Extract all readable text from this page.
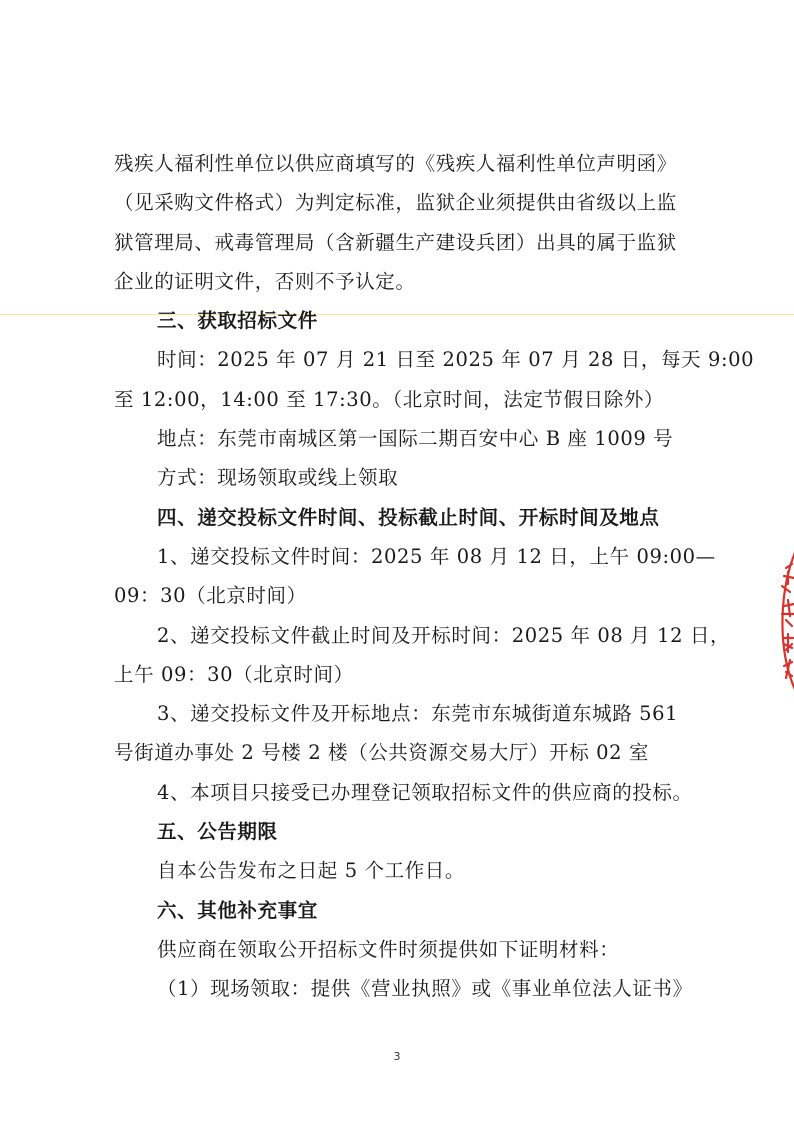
残疾人福利性单位以供应商填写的《残疾人福利性单位声明函》
（见采购文件格式）为判定标准，监狱企业须提供由省级以上监
狱管理局、戒毒管理局（含新疆生产建设兵团）出具的属于监狱
企业的证明文件，否则不予认定。
三、获取招标文件
时间：2025 年 07 月 21 日至 2025 年 07 月 28 日，每天 9:00
至 12:00，14:00 至 17:30。（北京时间，法定节假日除外）
地点：东莞市南城区第一国际二期百安中心 B 座 1009 号
方式：现场领取或线上领取
四、递交投标文件时间、投标截止时间、开标时间及地点
1、递交投标文件时间：2025 年 08 月 12 日，上午 09:00—
09：30（北京时间）
2、递交投标文件截止时间及开标时间：2025 年 08 月 12 日，
上午 09：30（北京时间）
3、递交投标文件及开标地点：东莞市东城街道东城路 561
号街道办事处 2 号楼 2 楼（公共资源交易大厅）开标 02 室
4、本项目只接受已办理登记领取招标文件的供应商的投标。
五、公告期限
自本公告发布之日起 5 个工作日。
六、其他补充事宜
供应商在领取公开招标文件时须提供如下证明材料：
（1）现场领取：提供《营业执照》或《事业单位法人证书》
3
